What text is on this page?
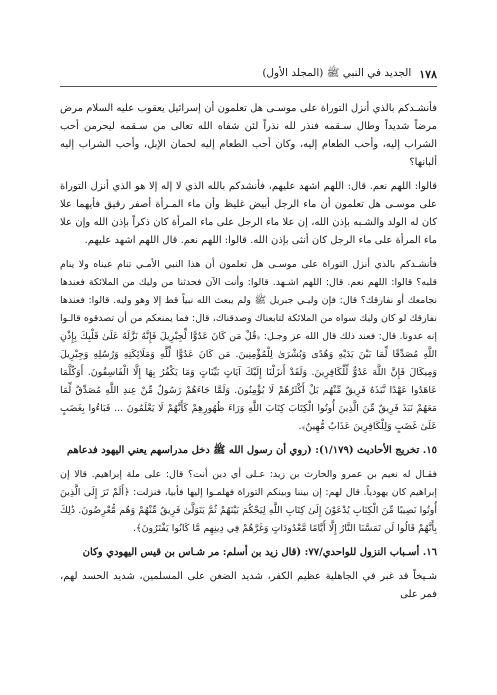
١٧٨
الجديد في النبي ﷺ (المجلد الأول)

فأنشـدكم بالذي أنزل التوراة على موسـى هل تعلمون أن إسرائيل يعقوب عليه السلام مرض مرضاً شديداً وطال سـقمه فنذر لله نذراً لئن شفاه الله تعالى من سـقمه ليحرمن أحب الشراب إليه، وأحب الطعام إليه، وكان أحب الطعام إليه لحمان الإبل، وأحب الشراب إليه ألبانها؟

قالوا: اللهم نعم. قال: اللهم اشهد عليهم، فأنشدكم بالله الذي لا إله إلا هو الذي أنزل التوراة على موسـى هل تعلمون أن ماء الرجل أبيض غليظ وأن ماء المـرأة أصفر رقيق فأيهما علا كان له الولد والشـبه بإذن الله، إن علا ماء الرجل على ماء المرأة كان ذكراً بإذن الله وإن علا ماء المرأة على ماء الرجل كان أنثى بإذن الله. قالوا: اللهم نعم. قال اللهم اشهد عليهم.

فأنشـدكم بالذي أنزل التوراة على موسـى هل تعلمون أن هذا النبي الأمـي تنام عيناه ولا ينام قلبه؟ قالوا: اللهم نعم. قال: اللهم اشـهد. قالوا: وأنت الآن فحدثنا من وليك من الملائكة فعندها نجامعك أو نفارقك؟ قال: فإن وليـي جبريل ﷺ ولم يبعث الله نبياً قط إلا وهو وليه. قالوا: فعندها نفارقك لو كان وليك سواه من الملائكة لتابعناك وصدقناك، قال: فما يمنعكم من أن تصدقوه قالـوا إنه عدونا. قال: فعند ذلك قال الله عز وجـل: ﴿قُلْ مَن كَانَ عَدُوًّا لِّجِبْرِيلَ فَإِنَّهُ نَزَّلَهُ عَلَىٰ قَلْبِكَ بِإِذْنِ اللَّهِ مُصَدِّقًا لِّمَا بَيْنَ يَدَيْهِ وَهُدًى وَبُشْرَىٰ لِلْمُؤْمِنِينَ. مَن كَانَ عَدُوًّا لِّلَّهِ وَمَلَائِكَتِهِ وَرُسُلِهِ وَجِبْرِيلَ وَمِيكَالَ فَإِنَّ اللَّهَ عَدُوٌّ لِّلْكَافِرِينَ. وَلَقَدْ أَنزَلْنَا إِلَيْكَ آيَاتٍ بَيِّنَاتٍ وَمَا يَكْفُرُ بِهَا إِلَّا الْفَاسِقُونَ. أَوَكُلَّمَا عَاهَدُوا عَهْدًا نَّبَذَهُ فَرِيقٌ مِّنْهُم بَلْ أَكْثَرُهُمْ لَا يُؤْمِنُونَ. وَلَمَّا جَاءَهُمْ رَسُولٌ مِّنْ عِندِ اللَّهِ مُصَدِّقٌ لِّمَا مَعَهُمْ نَبَذَ فَرِيقٌ مِّنَ الَّذِينَ أُوتُوا الْكِتَابَ كِتَابَ اللَّهِ وَرَاءَ ظُهُورِهِمْ كَأَنَّهُمْ لَا يَعْلَمُونَ ... فَبَاءُوا بِغَضَبٍ عَلَىٰ غَضَبٍ وَلِلْكَافِرِينَ عَذَابٌ مُّهِينٌ﴾.

١٥. تخريج الأحاديث (١/١٧٩): (روي أن رسول الله ﷺ دخل مدراسهم يعني اليهود فدعاهم

فقـال له نعيم بن عمرو والحارث بن زيد: عـلى أي دين أنت؟ قال: على ملة إبراهيم. قالا إن إبراهيم كان يهودياً. قال لهم: إن بيننا وبينكم التوراة فهلمـوا إليها فأبيا، فنزلت: ﴿أَلَمْ تَرَ إِلَى الَّذِينَ أُوتُوا نَصِيبًا مِّنَ الْكِتَابِ يُدْعَوْنَ إِلَىٰ كِتَابِ اللَّهِ لِيَحْكُمَ بَيْنَهُمْ ثُمَّ يَتَوَلَّىٰ فَرِيقٌ مِّنْهُمْ وَهُم مُّعْرِضُونَ. ذَٰلِكَ بِأَنَّهُمْ قَالُوا لَن تَمَسَّنَا النَّارُ إِلَّا أَيَّامًا مَّعْدُودَاتٍ وَغَرَّهُمْ فِي دِينِهِم مَّا كَانُوا يَفْتَرُونَ﴾.

١٦. أسـباب النزول للواحدي/٧٧: (قال زيد بن أسلم: مر شـاس بن قيس اليهودي وكان

شـيخاً قد غبر في الجاهلية عظيم الكفر، شديد الضغن على المسلمين، شديد الحسد لهم، فمر على
